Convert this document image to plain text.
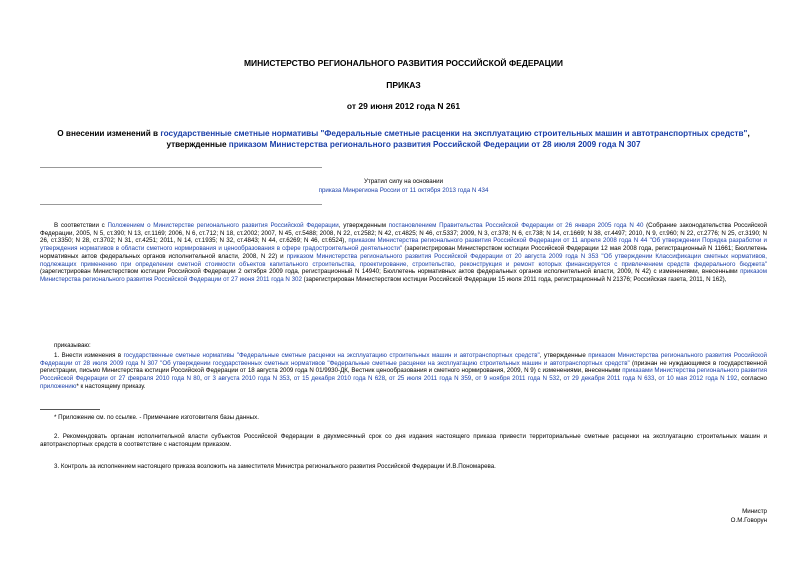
МИНИСТЕРСТВО РЕГИОНАЛЬНОГО РАЗВИТИЯ РОССИЙСКОЙ ФЕДЕРАЦИИ
ПРИКАЗ
от 29 июня 2012 года N 261
О внесении изменений в государственные сметные нормативы "Федеральные сметные расценки на эксплуатацию строительных машин и автотранспортных средств", утвержденные приказом Министерства регионального развития Российской Федерации от 28 июля 2009 года N 307
Утратил силу на основании
приказа Минрегиона России от 11 октября 2013 года N 434
В соответствии с Положением о Министерстве регионального развития Российской Федерации, утвержденным постановлением Правительства Российской Федерации от 26 января 2005 года N 40 (Собрание законодательства Российской Федерации, 2005, N 5, ст.390; N 13, ст.1169; 2006, N 6, ст.712; N 18, ст.2002; 2007, N 45, ст.5488; 2008, N 22, ст.2582; N 42, ст.4825; N 46, ст.5337; 2009, N 3, ст.378; N 6, ст.738; N 14, ст.1669; N 38, ст.4497; 2010, N 9, ст.960; N 22, ст.2776; N 25, ст.3190; N 26, ст.3350; N 28, ст.3702; N 31, ст.4251; 2011, N 14, ст.1935; N 32, ст.4843; N 44, ст.6269; N 46, ст.6524), приказом Министерства регионального развития Российской Федерации от 11 апреля 2008 года N 44 "Об утверждении Порядка разработки и утверждения нормативов в области сметного нормирования и ценообразования в сфере градостроительной деятельности" (зарегистрирован Министерством юстиции Российской Федерации 12 мая 2008 года, регистрационный N 11661; Бюллетень нормативных актов федеральных органов исполнительной власти, 2008, N 22) и приказом Министерства регионального развития Российской Федерации от 20 августа 2009 года N 353 "Об утверждении Классификации сметных нормативов, подлежащих применению при определении сметной стоимости объектов капитального строительства, проектирование, строительство, реконструкция и ремонт которых финансируется с привлечением средств федерального бюджета" (зарегистрирован Министерством юстиции Российской Федерации 2 октября 2009 года, регистрационный N 14940; Бюллетень нормативных актов федеральных органов исполнительной власти, 2009, N 42) с изменениями, внесенными приказом Министерства регионального развития Российской Федерации от 27 июня 2011 года N 302 (зарегистрирован Министерством юстиции Российской Федерации 15 июля 2011 года, регистрационный N 21376; Российская газета, 2011, N 162),
приказываю:
1. Внести изменения в государственные сметные нормативы "Федеральные сметные расценки на эксплуатацию строительных машин и автотранспортных средств", утвержденные приказом Министерства регионального развития Российской Федерации от 28 июля 2009 года N 307 "Об утверждении государственных сметных нормативов "Федеральные сметные расценки на эксплуатацию строительных машин и автотранспортных средств" (признан не нуждающимся в государственной регистрации, письмо Министерства юстиции Российской Федерации от 18 августа 2009 года N 01/9930-ДК, Вестник ценообразования и сметного нормирования, 2009, N 9) с изменениями, внесенными приказами Министерства регионального развития Российской Федерации от 27 февраля 2010 года N 80, от 3 августа 2010 года N 353, от 15 декабря 2010 года N 628, от 25 июля 2011 года N 359, от 9 ноября 2011 года N 532, от 29 декабря 2011 года N 633, от 10 мая 2012 года N 192, согласно приложению* к настоящему приказу.
* Приложение см. по ссылке. - Примечание изготовителя базы данных.
2. Рекомендовать органам исполнительной власти субъектов Российской Федерации в двухмесячный срок со дня издания настоящего приказа привести территориальные сметные расценки на эксплуатацию строительных машин и автотранспортных средств в соответствие с настоящим приказом.
3. Контроль за исполнением настоящего приказа возложить на заместителя Министра регионального развития Российской Федерации И.В.Пономарева.
Министр
О.М.Говорун
